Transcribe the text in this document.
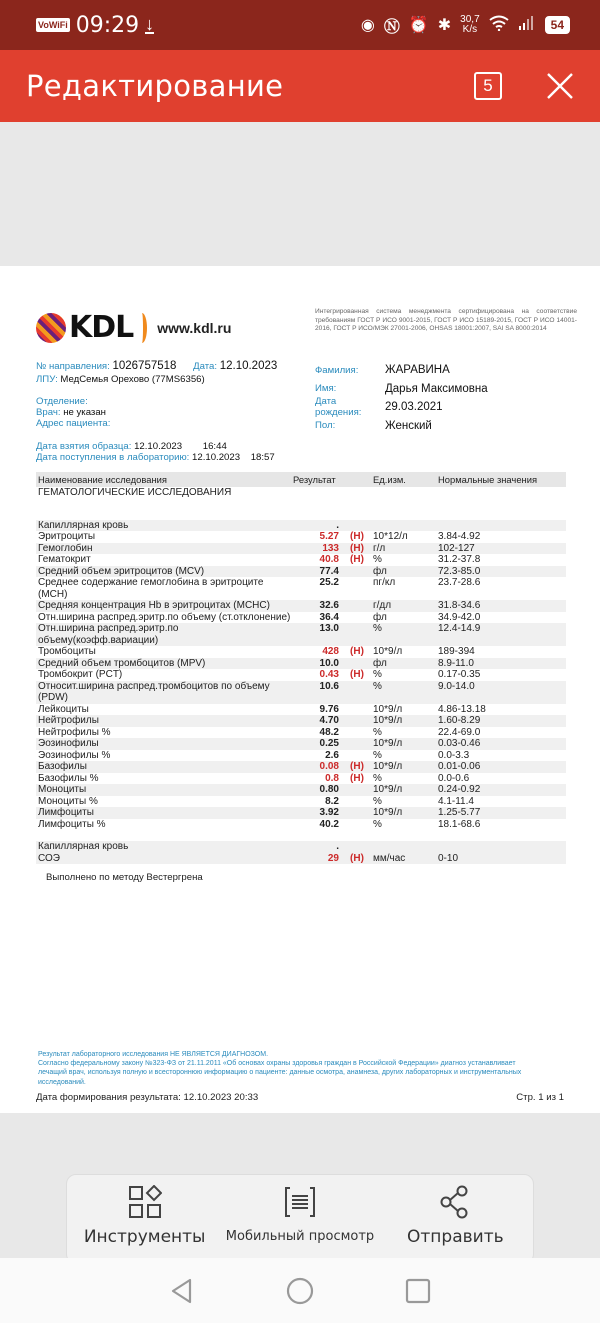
VoWiFi 09:29 ↓	◉ Ⓝ ⏰ ✱ 30,7
K/s	54
Редактирование	5
KDL www.kdl.ru
Интегрированная система менеджмента сертифицирована на соответствие требованиям ГОСТ Р ИСО 9001-2015, ГОСТ Р ИСО 15189-2015, ГОСТ Р ИСО 14001-2016, ГОСТ Р ИСО/МЭК 27001-2006, OHSAS 18001:2007, SAI SA 8000:2014
№ направления: 1026757518 Дата: 12.10.2023
ЛПУ: МедСемья Орехово (77MS6356)
Отделение:
Врач: не указан
Адрес пациента:
Дата взятия образца: 12.10.2023 16:44
Дата поступления в лабораторию: 12.10.2023 18:57
Фамилия:	ЖАРАВИНА
Имя:	Дарья Максимовна
Дата рождения:	29.03.2021
Пол:	Женский
Наименование исследования	Результат		Ед.изм.	Нормальные значения
ГЕМАТОЛОГИЧЕСКИЕ ИССЛЕДОВАНИЯ				

Капиллярная кровь	.			
Эритроциты	5.27	(H)	10*12/л	3.84-4.92
Гемоглобин	133	(H)	г/л	102-127
Гематокрит	40.8	(H)	%	31.2-37.8
Средний объем эритроцитов (MCV)	77.4		фл	72.3-85.0
Среднее содержание гемоглобина в эритроците (MCH)	25.2		пг/кл	23.7-28.6
Средняя концентрация Hb в эритроцитах (MCHC)	32.6		г/дл	31.8-34.6
Отн.ширина распред.эритр.по объему (ст.отклонение)	36.4		фл	34.9-42.0
Отн.ширина распред.эритр.по объему(коэфф.вариации)	13.0		%	12.4-14.9
Тромбоциты	428	(H)	10*9/л	189-394
Средний объем тромбоцитов (MPV)	10.0		фл	8.9-11.0
Тромбокрит (PCT)	0.43	(H)	%	0.17-0.35
Относит.ширина распред.тромбоцитов по объему (PDW)	10.6		%	9.0-14.0
Лейкоциты	9.76		10*9/л	4.86-13.18
Нейтрофилы	4.70		10*9/л	1.60-8.29
Нейтрофилы %	48.2		%	22.4-69.0
Эозинофилы	0.25		10*9/л	0.03-0.46
Эозинофилы %	2.6		%	0.0-3.3
Базофилы	0.08	(H)	10*9/л	0.01-0.06
Базофилы %	0.8	(H)	%	0.0-0.6
Моноциты	0.80		10*9/л	0.24-0.92
Моноциты %	8.2		%	4.1-11.4
Лимфоциты	3.92		10*9/л	1.25-5.77
Лимфоциты %	40.2		%	18.1-68.6

Капиллярная кровь	.			
СОЭ	29	(H)	мм/час	0-10
Выполнено по методу Вестергрена				
Результат лабораторного исследования НЕ ЯВЛЯЕТСЯ ДИАГНОЗОМ.
Согласно федеральному закону №323-ФЗ от 21.11.2011 «Об основах охраны здоровья граждан в Российской Федерации» диагноз устанавливает лечащий врач, используя полную и всестороннюю информацию о пациенте: данные осмотра, анамнеза, других лабораторных и инструментальных исследований.
Дата формирования результата: 12.10.2023 20:33	Стр. 1 из 1
Инструменты Мобильный просмотр Отправить
